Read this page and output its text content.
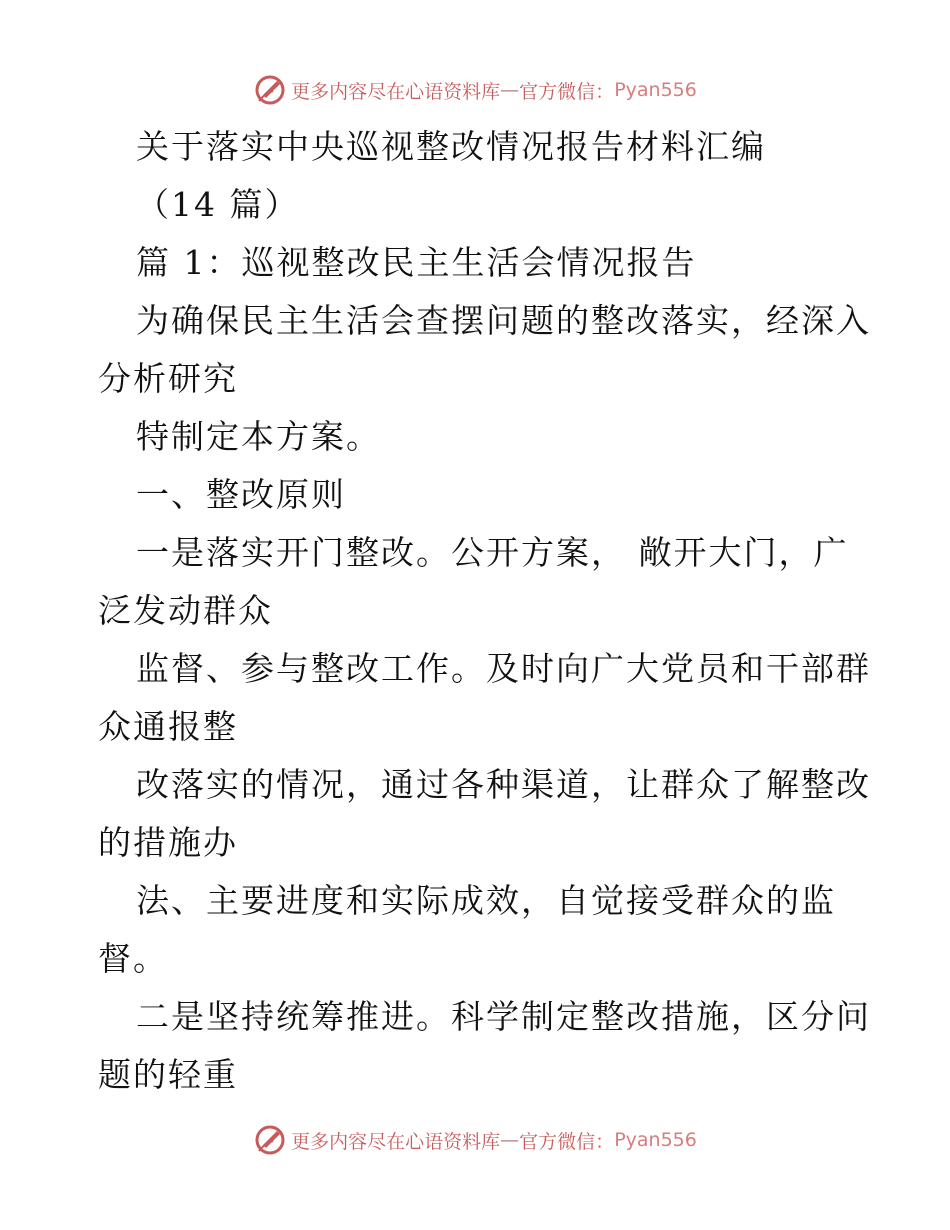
更多内容尽在心语资料库 — 官方微信： Pyan556
关于落实中央巡视整改情况报告材料汇编
（14 篇）
篇 1：巡视整改民主生活会情况报告
为确保民主生活会查摆问题的整改落实，经深入
分析研究
特制定本方案。
一、整改原则
一是落实开门整改。公开方案， 敞开大门，广
泛发动群众
监督、参与整改工作。及时向广大党员和干部群
众通报整
改落实的情况，通过各种渠道，让群众了解整改
的措施办
法、主要进度和实际成效，自觉接受群众的监
督。
二是坚持统筹推进。科学制定整改措施，区分问
题的轻重
更多内容尽在心语资料库 — 官方微信： Pyan556
